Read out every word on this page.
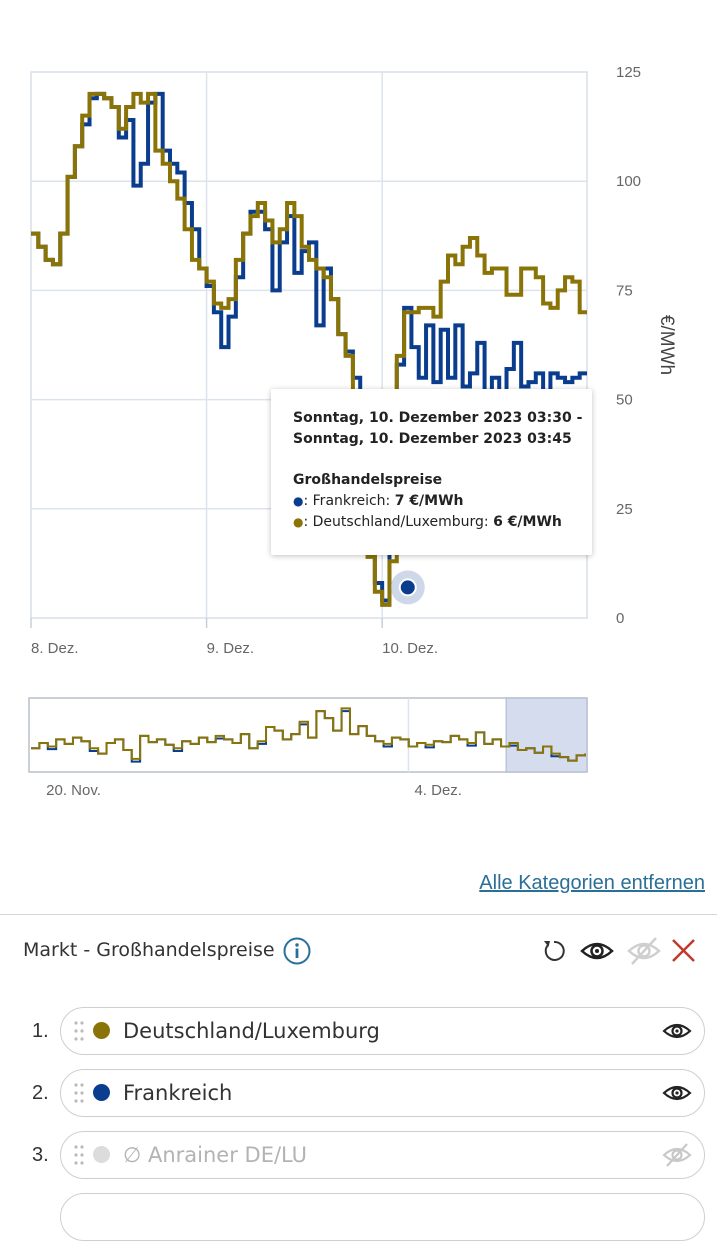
0
25
50
75
100
125
8. Dez.	9. Dez.	10. Dez.
€/MWh
20. Nov.	4. Dez.
Sonntag, 10. Dezember 2023 03:30 -
Sonntag, 10. Dezember 2023 03:45
Großhandelspreise
●: Frankreich: 7 €/MWh
●: Deutschland/Luxemburg: 6 €/MWh
Alle Kategorien entfernen
Markt - Großhandelspreise
1.	Deutschland/Luxemburg
2.	Frankreich
3.	∅ Anrainer DE/LU
